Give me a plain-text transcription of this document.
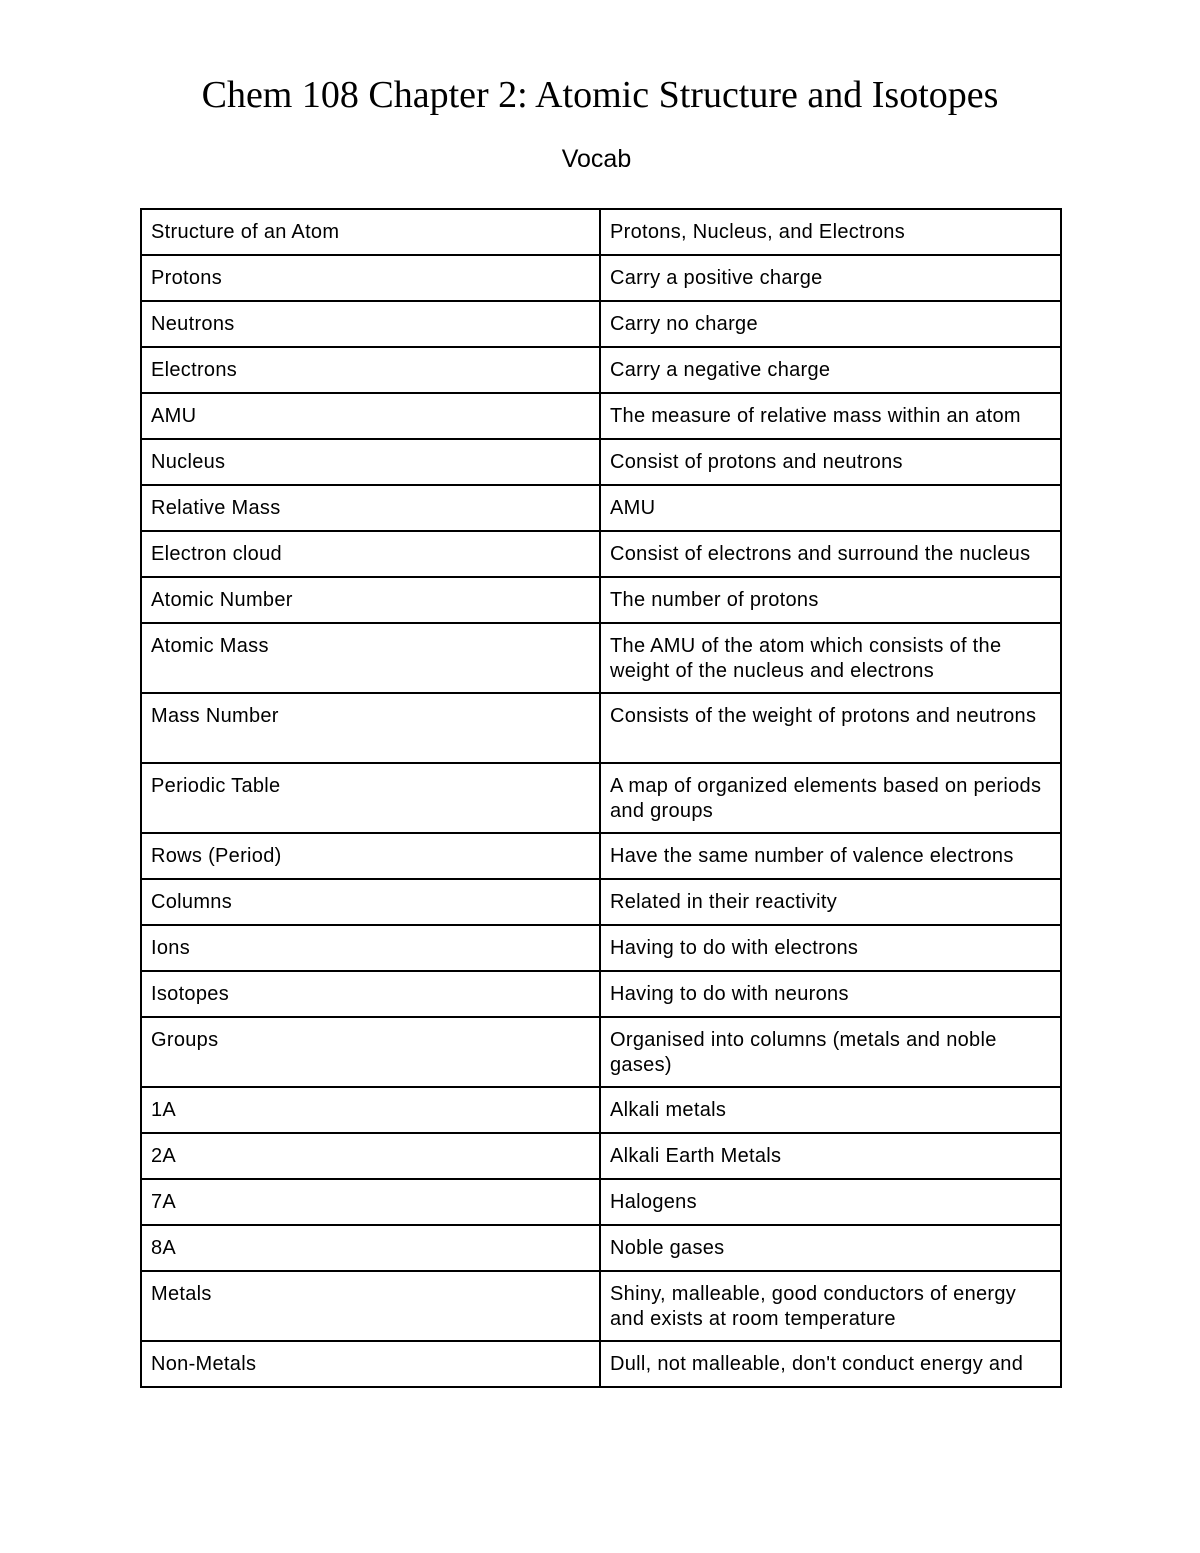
Chem 108 Chapter 2: Atomic Structure and Isotopes
Vocab
Structure of an Atom	Protons, Nucleus, and Electrons
Protons	Carry a positive charge
Neutrons	Carry no charge
Electrons	Carry a negative charge
AMU	The measure of relative mass within an atom
Nucleus	Consist of protons and neutrons
Relative Mass	AMU
Electron cloud	Consist of electrons and surround the nucleus
Atomic Number	The number of protons
Atomic Mass	The AMU of the atom which consists of the weight of the nucleus and electrons
Mass Number	Consists of the weight of protons and neutrons
Periodic Table	A map of organized elements based on periods and groups
Rows (Period)	Have the same number of valence electrons
Columns	Related in their reactivity
Ions	Having to do with electrons
Isotopes	Having to do with neurons
Groups	Organised into columns (metals and noble gases)
1A	Alkali metals
2A	Alkali Earth Metals
7A	Halogens
8A	Noble gases
Metals	Shiny, malleable, good conductors of energy and exists at room temperature
Non-Metals	Dull, not malleable, don't conduct energy and
